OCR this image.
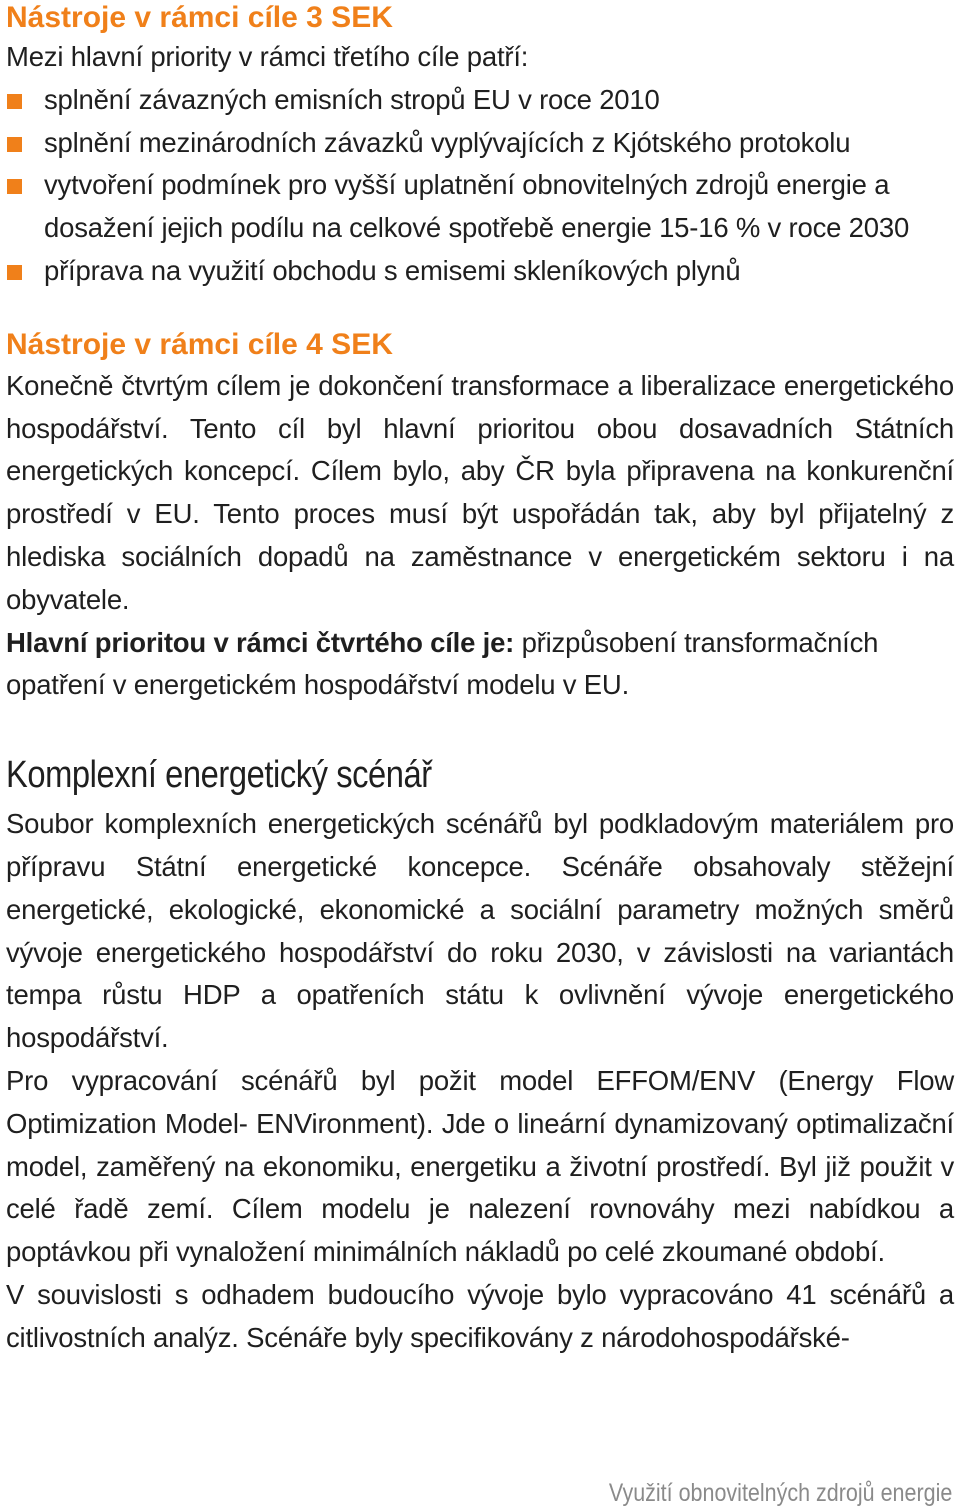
Nástroje v rámci cíle 3 SEK

Mezi hlavní priority v rámci třetího cíle patří:

splnění závazných emisních stropů EU v roce 2010
splnění mezinárodních závazků vyplývajících z Kjótského protokolu
vytvoření podmínek pro vyšší uplatnění obnovitelných zdrojů energie a dosažení jejich podílu na celkové spotřebě energie 15-16 % v roce 2030
příprava na využití obchodu s emisemi skleníkových plynů
Nástroje v rámci cíle 4 SEK

Konečně čtvrtým cílem je dokončení transformace a liberalizace energetického hospodářství. Tento cíl byl hlavní prioritou obou dosavadních Státních energetických koncepcí. Cílem bylo, aby ČR byla připravena na konkurenční prostředí v EU. Tento proces musí být uspořádán tak, aby byl přijatelný z hlediska sociálních dopadů na zaměstnance v energetickém sektoru i na obyvatele.

Hlavní prioritou v rámci čtvrtého cíle je: přizpůsobení transformačních opatření v energetickém hospodářství modelu v EU.

Komplexní energetický scénář

Soubor komplexních energetických scénářů byl podkladovým materiálem pro přípravu Státní energetické koncepce. Scénáře obsahovaly stěžejní energetické, ekologické, ekonomické a sociální parametry možných směrů vývoje energetického hospodářství do roku 2030, v závislosti na variantách tempa růstu HDP a opatřeních státu k ovlivnění vývoje energetického hospodářství.

Pro vypracování scénářů byl požit model EFFOM/ENV (Energy Flow Optimization Model- ENVironment). Jde o lineární dynamizovaný optimalizační model, zaměřený na ekonomiku, energetiku a životní prostředí. Byl již použit v celé řadě zemí. Cílem modelu je nalezení rovnováhy mezi nabídkou a poptávkou při vynaložení minimálních nákladů po celé zkoumané období.

V souvislosti s odhadem budoucího vývoje bylo vypracováno 41 scénářů a citlivostních analýz. Scénáře byly specifikovány z národohospodářské-

Využití obnovitelných zdrojů energie
